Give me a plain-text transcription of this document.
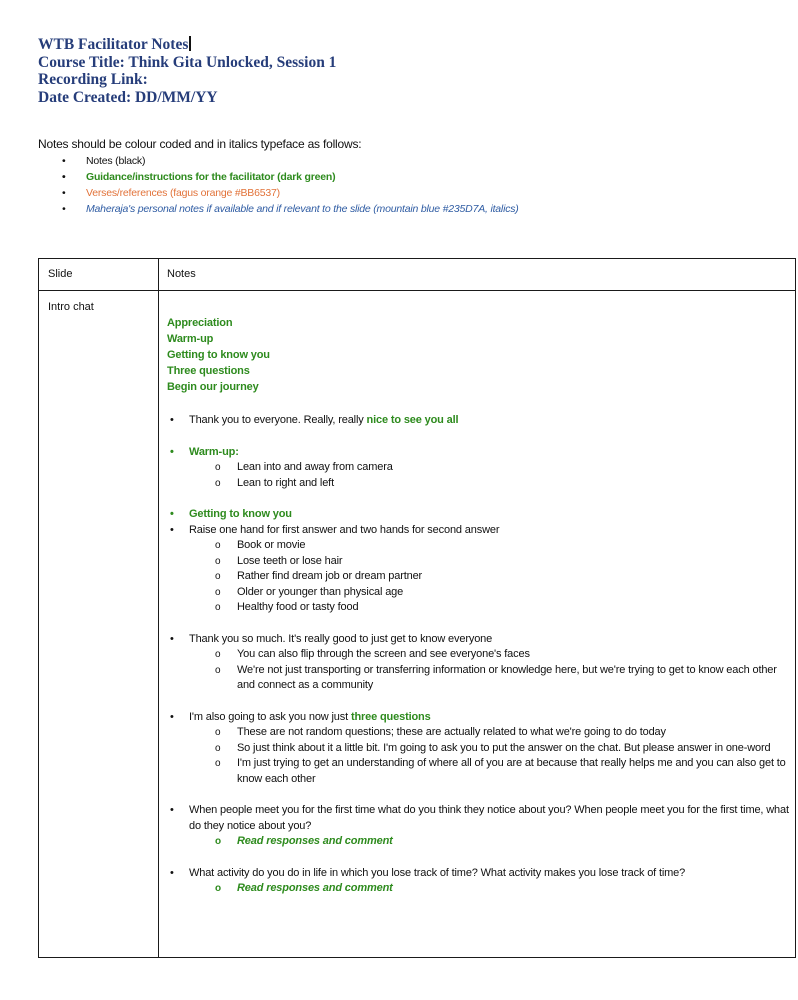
WTB Facilitator Notes
Course Title: Think Gita Unlocked, Session 1
Recording Link:
Date Created: DD/MM/YY
Notes should be colour coded and in italics typeface as follows:
• Notes (black)
• Guidance/instructions for the facilitator (dark green)
• Verses/references (fagus orange #BB6537)
• Maheraja's personal notes if available and if relevant to the slide (mountain blue #235D7A, italics)
Slide	Notes
Intro chat
Appreciation
Warm-up
Getting to know you
Three questions
Begin our journey
• Thank you to everyone. Really, really nice to see you all
• Warm-up:
o Lean into and away from camera
o Lean to right and left
• Getting to know you
• Raise one hand for first answer and two hands for second answer
o Book or movie
o Lose teeth or lose hair
o Rather find dream job or dream partner
o Older or younger than physical age
o Healthy food or tasty food
• Thank you so much. It's really good to just get to know everyone
o You can also flip through the screen and see everyone's faces
o We're not just transporting or transferring information or knowledge here, but we're trying to get to know each other and connect as a community
• I'm also going to ask you now just three questions
o These are not random questions; these are actually related to what we're going to do today
o So just think about it a little bit. I'm going to ask you to put the answer on the chat. But please answer in one-word
o I'm just trying to get an understanding of where all of you are at because that really helps me and you can also get to know each other
• When people meet you for the first time what do you think they notice about you? When people meet you for the first time, what do they notice about you?
o Read responses and comment
• What activity do you do in life in which you lose track of time? What activity makes you lose track of time?
o Read responses and comment
